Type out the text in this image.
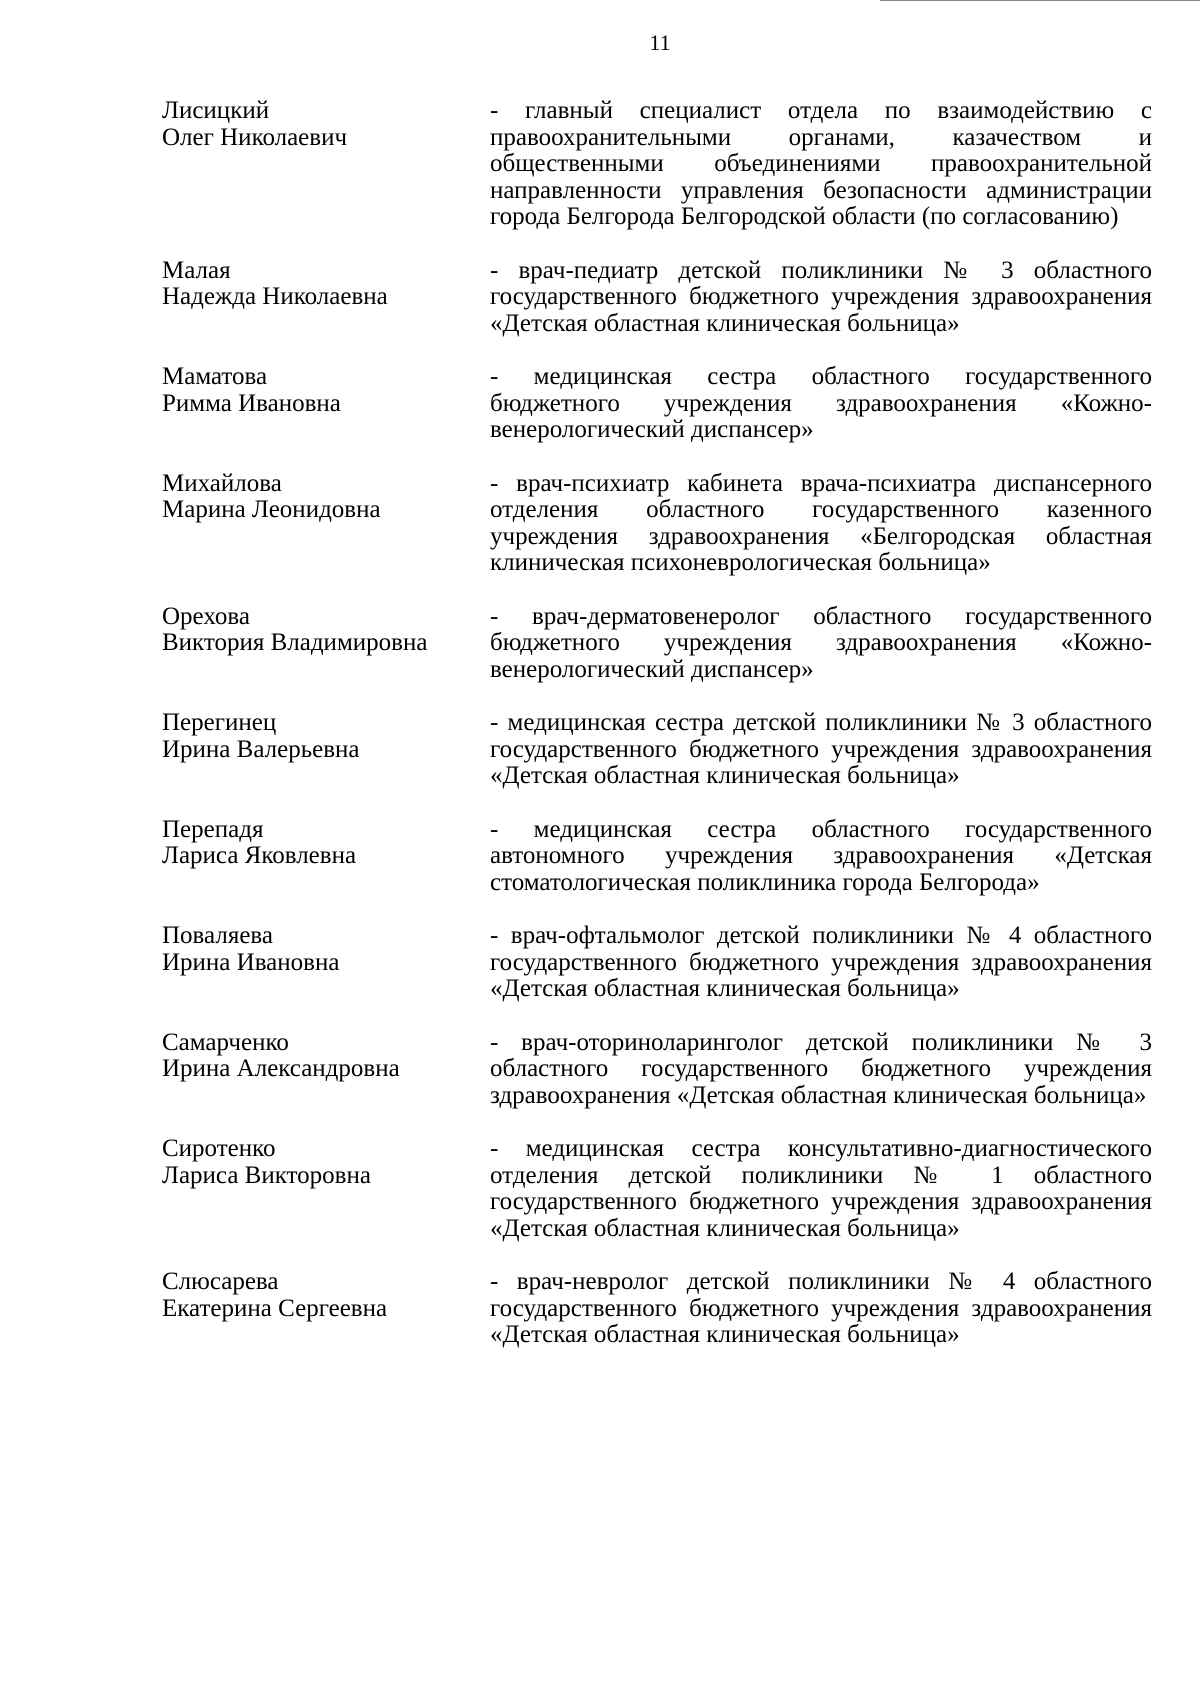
11
Лисицкий
Олег Николаевич
- главный специалист отдела по взаимодействию с правоохранительными органами, казачеством и общественными объединениями правоохранительной направленности управления безопасности администрации города Белгорода Белгородской области (по согласованию)
Малая
Надежда Николаевна
- врач-педиатр детской поликлиники № 3 областного государственного бюджетного учреждения здравоохранения «Детская областная клиническая больница»
Маматова
Римма Ивановна
- медицинская сестра областного государственного бюджетного учреждения здравоохранения «Кожно-венерологический диспансер»
Михайлова
Марина Леонидовна
- врач-психиатр кабинета врача-психиатра диспансерного отделения областного государственного казенного учреждения здравоохранения «Белгородская областная клиническая психоневрологическая больница»
Орехова
Виктория Владимировна
- врач-дерматовенеролог областного государственного бюджетного учреждения здравоохранения «Кожно-венерологический диспансер»
Перегинец
Ирина Валерьевна
- медицинская сестра детской поликлиники № 3 областного государственного бюджетного учреждения здравоохранения «Детская областная клиническая больница»
Перепадя
Лариса Яковлевна
- медицинская сестра областного государственного автономного учреждения здравоохранения «Детская стоматологическая поликлиника города Белгорода»
Поваляева
Ирина Ивановна
- врач-офтальмолог детской поликлиники № 4 областного государственного бюджетного учреждения здравоохранения «Детская областная клиническая больница»
Самарченко
Ирина Александровна
- врач-оториноларинголог детской поликлиники № 3 областного государственного бюджетного учреждения здравоохранения «Детская областная клиническая больница»
Сиротенко
Лариса Викторовна
- медицинская сестра консультативно-диагностического отделения детской поликлиники № 1 областного государственного бюджетного учреждения здравоохранения «Детская областная клиническая больница»
Слюсарева
Екатерина Сергеевна
- врач-невролог детской поликлиники № 4 областного государственного бюджетного учреждения здравоохранения «Детская областная клиническая больница»
